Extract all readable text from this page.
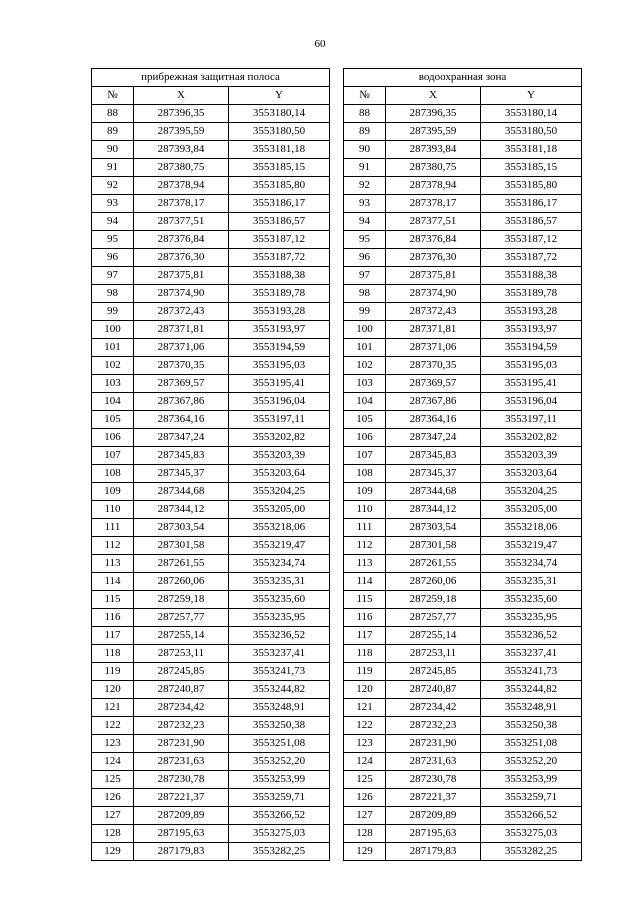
60
прибрежная защитная полоса		
№	X	Y
88	287396,35	3553180,14
89	287395,59	3553180,50
90	287393,84	3553181,18
91	287380,75	3553185,15
92	287378,94	3553185,80
93	287378,17	3553186,17
94	287377,51	3553186,57
95	287376,84	3553187,12
96	287376,30	3553187,72
97	287375,81	3553188,38
98	287374,90	3553189,78
99	287372,43	3553193,28
100	287371,81	3553193,97
101	287371,06	3553194,59
102	287370,35	3553195,03
103	287369,57	3553195,41
104	287367,86	3553196,04
105	287364,16	3553197,11
106	287347,24	3553202,82
107	287345,83	3553203,39
108	287345,37	3553203,64
109	287344,68	3553204,25
110	287344,12	3553205,00
111	287303,54	3553218,06
112	287301,58	3553219,47
113	287261,55	3553234,74
114	287260,06	3553235,31
115	287259,18	3553235,60
116	287257,77	3553235,95
117	287255,14	3553236,52
118	287253,11	3553237,41
119	287245,85	3553241,73
120	287240,87	3553244,82
121	287234,42	3553248,91
122	287232,23	3553250,38
123	287231,90	3553251,08
124	287231,63	3553252,20
125	287230,78	3553253,99
126	287221,37	3553259,71
127	287209,89	3553266,52
128	287195,63	3553275,03
129	287179,83	3553282,25
водоохранная зона		
№	X	Y
88	287396,35	3553180,14
89	287395,59	3553180,50
90	287393,84	3553181,18
91	287380,75	3553185,15
92	287378,94	3553185,80
93	287378,17	3553186,17
94	287377,51	3553186,57
95	287376,84	3553187,12
96	287376,30	3553187,72
97	287375,81	3553188,38
98	287374,90	3553189,78
99	287372,43	3553193,28
100	287371,81	3553193,97
101	287371,06	3553194,59
102	287370,35	3553195,03
103	287369,57	3553195,41
104	287367,86	3553196,04
105	287364,16	3553197,11
106	287347,24	3553202,82
107	287345,83	3553203,39
108	287345,37	3553203,64
109	287344,68	3553204,25
110	287344,12	3553205,00
111	287303,54	3553218,06
112	287301,58	3553219,47
113	287261,55	3553234,74
114	287260,06	3553235,31
115	287259,18	3553235,60
116	287257,77	3553235,95
117	287255,14	3553236,52
118	287253,11	3553237,41
119	287245,85	3553241,73
120	287240,87	3553244,82
121	287234,42	3553248,91
122	287232,23	3553250,38
123	287231,90	3553251,08
124	287231,63	3553252,20
125	287230,78	3553253,99
126	287221,37	3553259,71
127	287209,89	3553266,52
128	287195,63	3553275,03
129	287179,83	3553282,25
